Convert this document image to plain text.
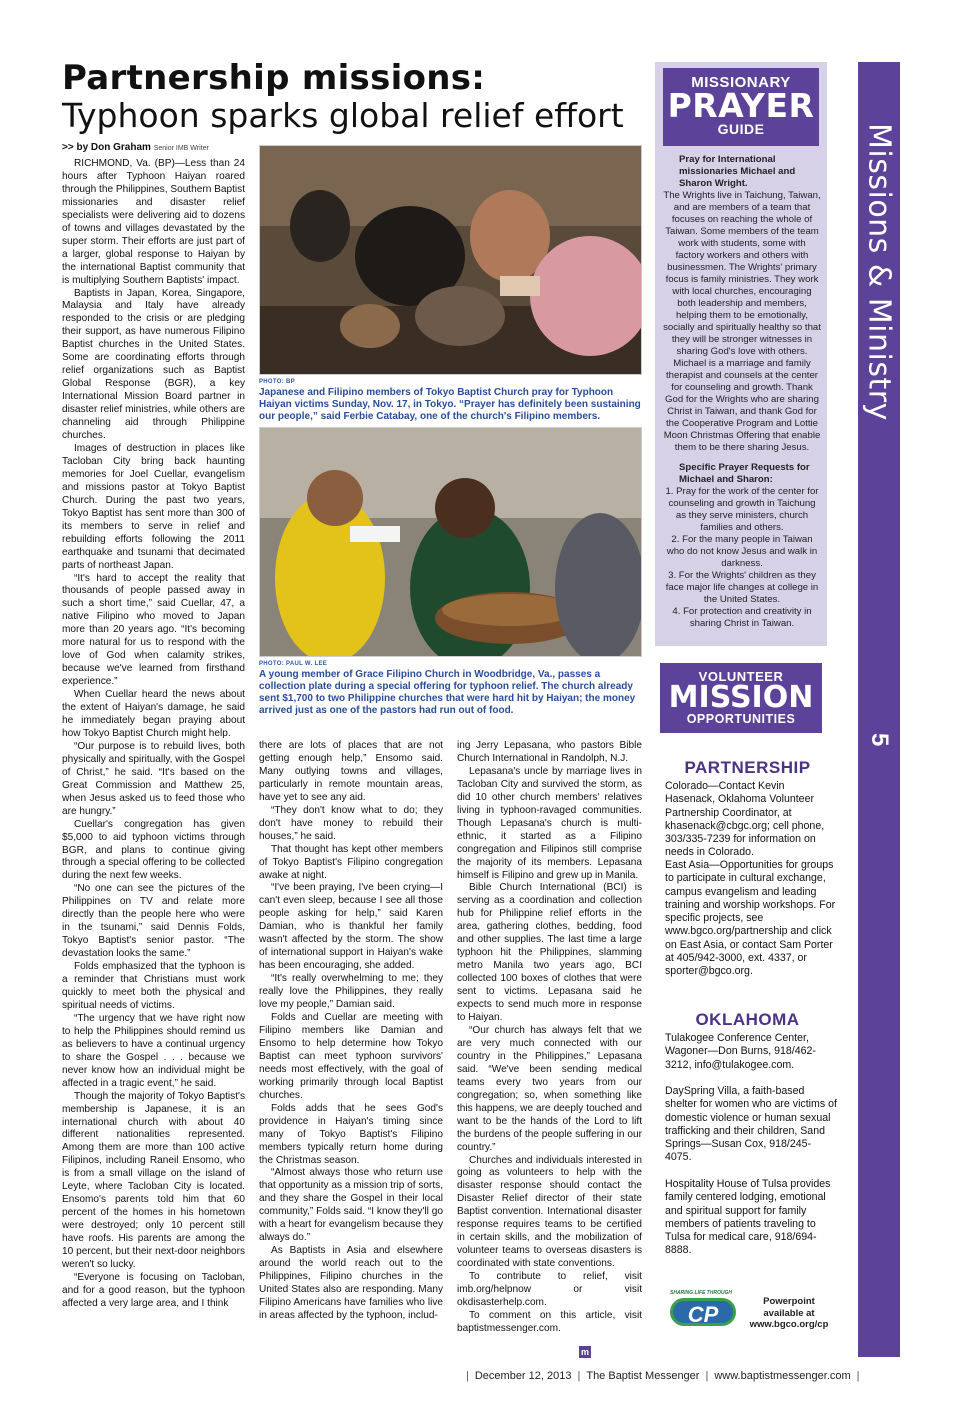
Partnership missions:
Typhoon sparks global relief effort
>> by Don Graham Senior IMB Writer

RICHMOND, Va. (BP)—Less than 24 hours after Typhoon Haiyan roared through the Philippines, Southern Baptist missionaries and disaster relief specialists were delivering aid to dozens of towns and villages devastated by the super storm. Their efforts are just part of a larger, global response to Haiyan by the international Baptist community that is multiplying Southern Baptists' impact.

Baptists in Japan, Korea, Singapore, Malaysia and Italy have already responded to the crisis or are pledging their support, as have numerous Filipino Baptist churches in the United States. Some are coordinating efforts through relief organizations such as Baptist Global Response (BGR), a key International Mission Board partner in disaster relief ministries, while others are channeling aid through Philippine churches.

Images of destruction in places like Tacloban City bring back haunting memories for Joel Cuellar, evangelism and missions pastor at Tokyo Baptist Church. During the past two years, Tokyo Baptist has sent more than 300 of its members to serve in relief and rebuilding efforts following the 2011 earthquake and tsunami that decimated parts of northeast Japan.

“It's hard to accept the reality that thousands of people passed away in such a short time,” said Cuellar, 47, a native Filipino who moved to Japan more than 20 years ago. “It's becoming more natural for us to respond with the love of God when calamity strikes, because we've learned from firsthand experience.”

When Cuellar heard the news about the extent of Haiyan's damage, he said he immediately began praying about how Tokyo Baptist Church might help.

“Our purpose is to rebuild lives, both physically and spiritually, with the Gospel of Christ,” he said. “It's based on the Great Commission and Matthew 25, when Jesus asked us to feed those who are hungry.”

Cuellar's congregation has given $5,000 to aid typhoon victims through BGR, and plans to continue giving through a special offering to be collected during the next few weeks.

“No one can see the pictures of the Philippines on TV and relate more directly than the people here who were in the tsunami,” said Dennis Folds, Tokyo Baptist's senior pastor. “The devastation looks the same.”

Folds emphasized that the typhoon is a reminder that Christians must work quickly to meet both the physical and spiritual needs of victims.

“The urgency that we have right now to help the Philippines should remind us as believers to have a continual urgency to share the Gospel . . . because we never know how an individual might be affected in a tragic event,” he said.

Though the majority of Tokyo Baptist's membership is Japanese, it is an international church with about 40 different nationalities represented. Among them are more than 100 active Filipinos, including Raneil Ensomo, who is from a small village on the island of Leyte, where Tacloban City is located. Ensomo's parents told him that 60 percent of the homes in his hometown were destroyed; only 10 percent still have roofs. His parents are among the 10 percent, but their next-door neighbors weren't so lucky.

“Everyone is focusing on Tacloban, and for a good reason, but the typhoon affected a very large area, and I think

PHOTO: BP
Japanese and Filipino members of Tokyo Baptist Church pray for Typhoon Haiyan victims Sunday, Nov. 17, in Tokyo. “Prayer has definitely been sustaining our people,” said Ferbie Catabay, one of the church's Filipino members.
PHOTO: PAUL W. LEE
A young member of Grace Filipino Church in Woodbridge, Va., passes a collection plate during a special offering for typhoon relief. The church already sent $1,700 to two Philippine churches that were hard hit by Haiyan; the money arrived just as one of the pastors had run out of food.

there are lots of places that are not getting enough help,” Ensomo said. Many outlying towns and villages, particularly in remote mountain areas, have yet to see any aid.

“They don't know what to do; they don't have money to rebuild their houses,” he said.

That thought has kept other members of Tokyo Baptist's Filipino congregation awake at night.

“I've been praying, I've been crying—I can't even sleep, because I see all those people asking for help,” said Karen Damian, who is thankful her family wasn't affected by the storm. The show of international support in Haiyan's wake has been encouraging, she added.

“It's really overwhelming to me; they really love the Philippines, they really love my people,” Damian said.

Folds and Cuellar are meeting with Filipino members like Damian and Ensomo to help determine how Tokyo Baptist can meet typhoon survivors' needs most effectively, with the goal of working primarily through local Baptist churches.

Folds adds that he sees God's providence in Haiyan's timing since many of Tokyo Baptist's Filipino members typically return home during the Christmas season.

“Almost always those who return use that opportunity as a mission trip of sorts, and they share the Gospel in their local community,” Folds said. “I know they'll go with a heart for evangelism because they always do.”

As Baptists in Asia and elsewhere around the world reach out to the Philippines, Filipino churches in the United States also are responding. Many Filipino Americans have families who live in areas affected by the typhoon, includ-

ing Jerry Lepasana, who pastors Bible Church International in Randolph, N.J.

Lepasana's uncle by marriage lives in Tacloban City and survived the storm, as did 10 other church members' relatives living in typhoon-ravaged communities. Though Lepasana's church is multi-ethnic, it started as a Filipino congregation and Filipinos still comprise the majority of its members. Lepasana himself is Filipino and grew up in Manila.

Bible Church International (BCI) is serving as a coordination and collection hub for Philippine relief efforts in the area, gathering clothes, bedding, food and other supplies. The last time a large typhoon hit the Philippines, slamming metro Manila two years ago, BCI collected 100 boxes of clothes that were sent to victims. Lepasana said he expects to send much more in response to Haiyan.

“Our church has always felt that we are very much connected with our country in the Philippines,” Lepasana said. “We've been sending medical teams every two years from our congregation; so, when something like this happens, we are deeply touched and want to be the hands of the Lord to lift the burdens of the people suffering in our country.”

Churches and individuals interested in going as volunteers to help with the disaster response should contact the Disaster Relief director of their state Baptist convention. International disaster response requires teams to be certified in certain skills, and the mobilization of volunteer teams to overseas disasters is coordinated with state conventions.

To contribute to relief, visit imb.org/helpnow or visit okdisasterhelp.com.

To comment on this article, visit baptistmessenger.com.

m
MISSIONARY
PRAYER
GUIDE

Pray for International missionaries Michael and Sharon Wright.

The Wrights live in Taichung, Taiwan, and are members of a team that focuses on reaching the whole of Taiwan. Some members of the team work with students, some with factory workers and others with businessmen. The Wrights' primary focus is family ministries. They work with local churches, encouraging both leadership and members, helping them to be emotionally, socially and spiritually healthy so that they will be stronger witnesses in sharing God's love with others. Michael is a marriage and family therapist and counsels at the center for counseling and growth. Thank God for the Wrights who are sharing Christ in Taiwan, and thank God for the Cooperative Program and Lottie Moon Christmas Offering that enable them to be there sharing Jesus.

Specific Prayer Requests for Michael and Sharon:

1. Pray for the work of the center for counseling and growth in Taichung as they serve ministers, church families and others.

2. For the many people in Taiwan who do not know Jesus and walk in darkness.

3. For the Wrights' children as they face major life changes at college in the United States.

4. For protection and creativity in sharing Christ in Taiwan.

VOLUNTEER
MISSION
OPPORTUNITIES
PARTNERSHIP
Colorado—Contact Kevin Hasenack, Oklahoma Volunteer Partnership Coordinator, at khasenack@cbgc.org; cell phone, 303/335-7239 for information on needs in Colorado.
East Asia—Opportunities for groups to participate in cultural exchange, campus evangelism and leading training and worship workshops. For specific projects, see www.bgco.org/partnership and click on East Asia, or contact Sam Porter at 405/942-3000, ext. 4337, or sporter@bgco.org.
OKLAHOMA
Tulakogee Conference Center, Wagoner—Don Burns, 918/462-3212, info@tulakogee.com.
DaySpring Villa, a faith-based shelter for women who are victims of domestic violence or human sexual trafficking and their children, Sand Springs—Susan Cox, 918/245-4075.
Hospitality House of Tulsa provides family centered lodging, emotional and spiritual support for family members of patients traveling to Tulsa for medical care, 918/694-8888.
SHARING LIFE THROUGH
CP
Powerpoint available at www.bgco.org/cp
Missions & Ministry
5
| December 12, 2013 | The Baptist Messenger | www.baptistmessenger.com |
